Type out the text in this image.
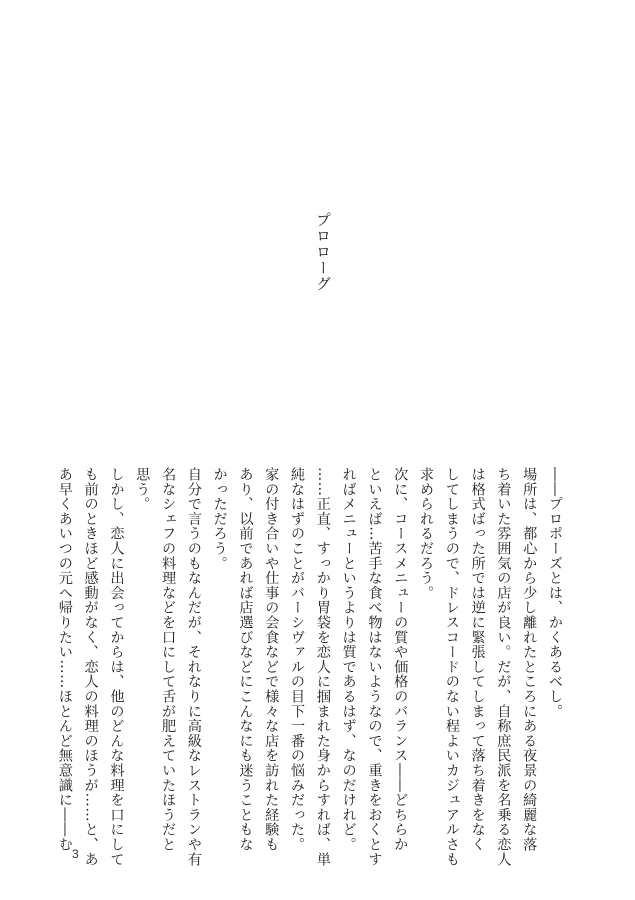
プロローグ

――プロポーズとは、かくあるべし。

場所は、都心から少し離れたところにある夜景の綺麗な落

ち着いた雰囲気の店が良い。だが、自称庶民派を名乗る恋人

は格式ばった所では逆に緊張してしまって落ち着きをなく

してしまうので、ドレスコードのない程よいカジュアルさも

求められるだろう。

次に、コースメニューの質や価格のバランス――どちらか

といえば…苦手な食べ物はないようなので、重きをおくとす

ればメニューというよりは質であるはず、なのだけれど。

……正直、すっかり胃袋を恋人に掴まれた身からすれば、単

純なはずのことがバーシヴァルの目下一番の悩みだった。

家の付き合いや仕事の会食などで様々な店を訪れた経験も

あり、以前であれば店選びなどにこんなにも迷うこともな

かっただろう。

自分で言うのもなんだが、それなりに高級なレストランや有

名なシェフの料理などを口にして舌が肥えていたほうだと

思う。

しかし、恋人に出会ってからは、他のどんな料理を口にして

も前のときほど感動がなく、恋人の料理のほうが……と、あ

あ早くあいつの元へ帰りたい……ほとんど無意識に――む

3
